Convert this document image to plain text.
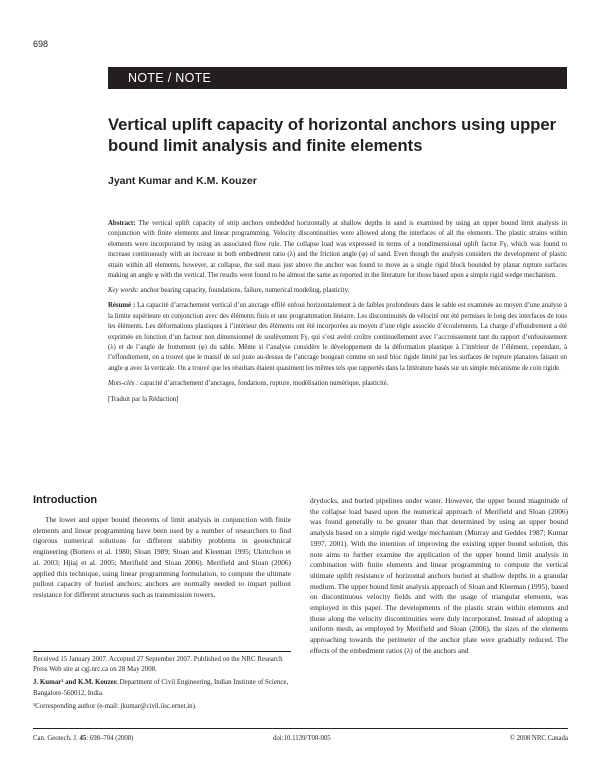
698
NOTE / NOTE
Vertical uplift capacity of horizontal anchors using upper bound limit analysis and finite elements
Jyant Kumar and K.M. Kouzer

Abstract: The vertical uplift capacity of strip anchors embedded horizontally at shallow depths in sand is examined by using an upper bound limit analysis in conjunction with finite elements and linear programming. Velocity discontinuities were allowed along the interfaces of all the elements. The plastic strains within elements were incorporated by using an associated flow rule. The collapse load was expressed in terms of a nondimensional uplift factor Fγ, which was found to increase continuously with an increase in both embedment ratio (λ) and the friction angle (φ) of sand. Even though the analysis considers the development of plastic strain within all elements, however, at collapse, the soil mass just above the anchor was found to move as a single rigid block bounded by planar rupture surfaces making an angle φ with the vertical. The results were found to be almost the same as reported in the literature for those based upon a simple rigid wedge mechanism.

Key words: anchor bearing capacity, foundations, failure, numerical modeling, plasticity.

Résumé : La capacité d’arrachement vertical d’un ancrage effilé enfoui horizontalement à de faibles profondeurs dans le sable est examinée au moyen d’une analyse à la limite supérieure en conjonction avec des éléments finis et une programmation linéaire. Les discontinuités de vélocité ont été permises le long des interfaces de tous les éléments. Les déformations plastiques à l’intérieur des éléments ont été incorporées au moyen d’une règle associée d’écoulements. La charge d’effondrement a été exprimée en fonction d’un facteur non dimensionnel de soulèvement Fγ, qui s’est avéré croître continuellement avec l’accroissement tant du rapport d’enfouissement (λ) et de l’angle de frottement (φ) du sable. Même si l’analyse considère le développement de la déformation plastique à l’intérieur de l’élément, cependant, à l’effondrement, on a trouvé que le massif de sol juste au-dessus de l’ancrage bougeait comme un seul bloc rigide limité par les surfaces de rupture planaires faisant un angle φ avec la verticale. On a trouvé que les résultats étaient quasiment les mêmes tels que rapportés dans la littérature basés sur un simple mécanisme de coin rigide.

Mots-clés : capacité d’arrachement d’ancrages, fondations, rupture, modélisation numérique, plasticité.

[Traduit par la Rédaction]

Introduction

The lower and upper bound theorems of limit analysis in conjunction with finite elements and linear programming have been used by a number of researchers to find rigorous numerical solutions for different stability problems in geotechnical engineering (Bottero et al. 1980; Sloan 1989; Sloan and Kleeman 1995; Ukritchon et al. 2003; Hjiaj et al. 2005; Merifield and Sloan 2006). Merifield and Sloan (2006) applied this technique, using linear programming formulation, to compute the ultimate pullout capacity of buried anchors; anchors are normally needed to impart pullout resistance for different structures such as transmission towers,

drydocks, and buried pipelines under water. However, the upper bound magnitude of the collapse load based upon the numerical approach of Merifield and Sloan (2006) was found generally to be greater than that determined by using an upper bound analysis based on a simple rigid wedge mechanism (Murray and Geddes 1987; Kumar 1997, 2001). With the intention of improving the existing upper bound solution, this note aims to further examine the application of the upper bound limit analysis in combination with finite elements and linear programming to compute the vertical ultimate uplift resistance of horizontal anchors buried at shallow depths in a granular medium. The upper bound limit analysis approach of Sloan and Kleeman (1995), based on discontinuous velocity fields and with the usage of triangular elements, was employed in this paper. The developments of the plastic strain within elements and those along the velocity discontinuities were duly incorporated. Instead of adopting a uniform mesh, as employed by Merifield and Sloan (2006), the sizes of the elements approaching towards the perimeter of the anchor plate were gradually reduced. The effects of the embedment ratios (λ) of the anchors and

Received 15 January 2007. Accepted 27 September 2007. Published on the NRC Research Press Web site at cgj.nrc.ca on 28 May 2008.

J. Kumar¹ and K.M. Kouzer. Department of Civil Engineering, Indian Institute of Science, Bangalore-560012, India.

¹Corresponding author (e-mail: jkumar@civil.iisc.ernet.in).

Can. Geotech. J. 45: 698–704 (2008)	doi:10.1139/T08-005	© 2008 NRC Canada
